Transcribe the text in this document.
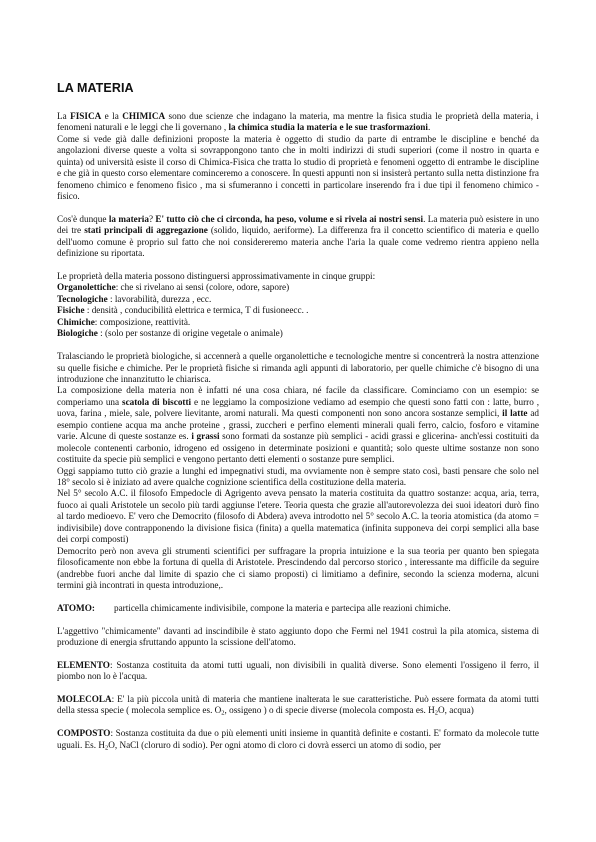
LA MATERIA

La FISICA e la CHIMICA sono due scienze che indagano la materia, ma mentre la fisica studia le proprietà della materia, i fenomeni naturali e le leggi che li governano , la chimica studia la materia e le sue trasformazioni.

Come si vede già dalle definizioni proposte la materia è oggetto di studio da parte di entrambe le discipline e benché da angolazioni diverse queste a volta si sovrappongono tanto che in molti indirizzi di studi superiori (come il nostro in quarta e quinta) od università esiste il corso di Chimica-Fisica che tratta lo studio di proprietà e fenomeni oggetto di entrambe le discipline e che già in questo corso elementare cominceremo a conoscere. In questi appunti non si insisterà pertanto sulla netta distinzione fra fenomeno chimico e fenomeno fisico , ma si sfumeranno i concetti in particolare inserendo fra i due tipi il fenomeno chimico - fisico.

Cos'è dunque la materia? E' tutto ciò che ci circonda, ha peso, volume e si rivela ai nostri sensi. La materia può esistere in uno dei tre stati principali di aggregazione (solido, liquido, aeriforme). La differenza fra il concetto scientifico di materia e quello dell'uomo comune è proprio sul fatto che noi considereremo materia anche l'aria la quale come vedremo rientra appieno nella definizione su riportata.

Le proprietà della materia possono distinguersi approssimativamente in cinque gruppi:

Organolettiche: che si rivelano ai sensi (colore, odore, sapore)
Tecnologiche : lavorabilità, durezza , ecc.
Fisiche : densità , conducibilità elettrica e termica, T di fusioneecc. .
Chimiche: composizione, reattività.
Biologiche : (solo per sostanze di origine vegetale o animale)

Tralasciando le proprietà biologiche, si accennerà a quelle organolettiche e tecnologiche mentre si concentrerà la nostra attenzione su quelle fisiche e chimiche. Per le proprietà fisiche si rimanda agli appunti di laboratorio, per quelle chimiche c'è bisogno di una introduzione che innanzitutto le chiarisca.

La composizione della materia non è infatti né una cosa chiara, né facile da classificare. Cominciamo con un esempio: se comperiamo una scatola di biscotti e ne leggiamo la composizione vediamo ad esempio che questi sono fatti con : latte, burro , uova, farina , miele, sale, polvere lievitante, aromi naturali. Ma questi componenti non sono ancora sostanze semplici, il latte ad esempio contiene acqua ma anche proteine , grassi, zuccheri e perfino elementi minerali quali ferro, calcio, fosforo e vitamine varie. Alcune di queste sostanze es. i grassi sono formati da sostanze più semplici - acidi grassi e glicerina- anch'essi costituiti da molecole contenenti carbonio, idrogeno ed ossigeno in determinate posizioni e quantità; solo queste ultime sostanze non sono costituite da specie più semplici e vengono pertanto detti elementi o sostanze pure semplici.

Oggi sappiamo tutto ciò grazie a lunghi ed impegnativi studi, ma ovviamente non è sempre stato così, basti pensare che solo nel 18° secolo si è iniziato ad avere qualche cognizione scientifica della costituzione della materia.

Nel 5° secolo A.C. il filosofo Empedocle di Agrigento aveva pensato la materia costituita da quattro sostanze: acqua, aria, terra, fuoco ai quali Aristotele un secolo più tardi aggiunse l'etere. Teoria questa che grazie all'autorevolezza dei suoi ideatori durò fino al tardo medioevo. E' vero che Democrito (filosofo di Abdera) aveva introdotto nel 5° secolo A.C. la teoria atomistica (da atomo = indivisibile) dove contrapponendo la divisione fisica (finita) a quella matematica (infinita supponeva dei corpi semplici alla base dei corpi composti)

Democrito però non aveva gli strumenti scientifici per suffragare la propria intuizione e la sua teoria per quanto ben spiegata filosoficamente non ebbe la fortuna di quella di Aristotele. Prescindendo dal percorso storico , interessante ma difficile da seguire (andrebbe fuori anche dal limite di spazio che ci siamo proposti) ci limitiamo a definire, secondo la scienza moderna, alcuni termini già incontrati in questa introduzione,.

ATOMO: particella chimicamente indivisibile, compone la materia e partecipa alle reazioni chimiche.

L'aggettivo "chimicamente" davanti ad inscindibile è stato aggiunto dopo che Fermi nel 1941 costruì la pila atomica, sistema di produzione di energia sfruttando appunto la scissione dell'atomo.

ELEMENTO: Sostanza costituita da atomi tutti uguali, non divisibili in qualità diverse. Sono elementi l'ossigeno il ferro, il piombo non lo è l'acqua.

MOLECOLA: E' la più piccola unità di materia che mantiene inalterata le sue caratteristiche. Può essere formata da atomi tutti della stessa specie ( molecola semplice es. $O_2$, ossigeno ) o di specie diverse (molecola composta es. $H_2O$, acqua)

COMPOSTO: Sostanza costituita da due o più elementi uniti insieme in quantità definite e costanti. E' formato da molecole tutte uguali. Es. $H_2O$, NaCl (cloruro di sodio). Per ogni atomo di cloro ci dovrà esserci un atomo di sodio, per
